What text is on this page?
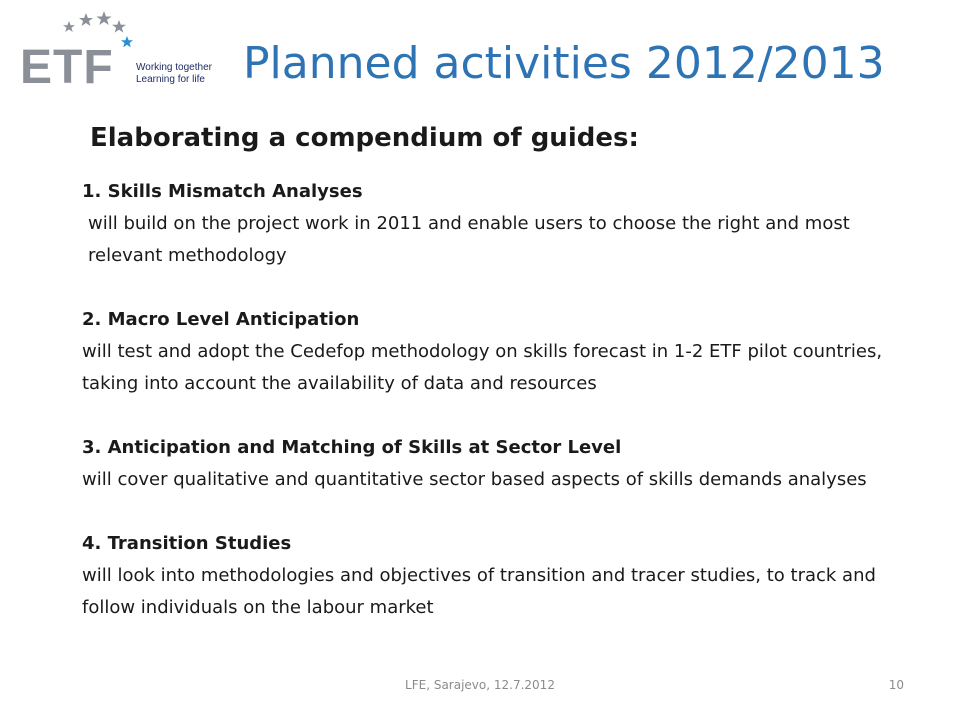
ETF Working together
Learning for life Planned activities 2012/2013
Elaborating a compendium of guides:
1. Skills Mismatch Analyses
will build on the project work in 2011 and enable users to choose the right and most relevant methodology
2. Macro Level Anticipation
will test and adopt the Cedefop methodology on skills forecast in 1-2 ETF pilot countries, taking into account the availability of data and resources
3. Anticipation and Matching of Skills at Sector Level
will cover qualitative and quantitative sector based aspects of skills demands analyses
4. Transition Studies
will look into methodologies and objectives of transition and tracer studies, to track and follow individuals on the labour market
LFE, Sarajevo, 12.7.2012	10
